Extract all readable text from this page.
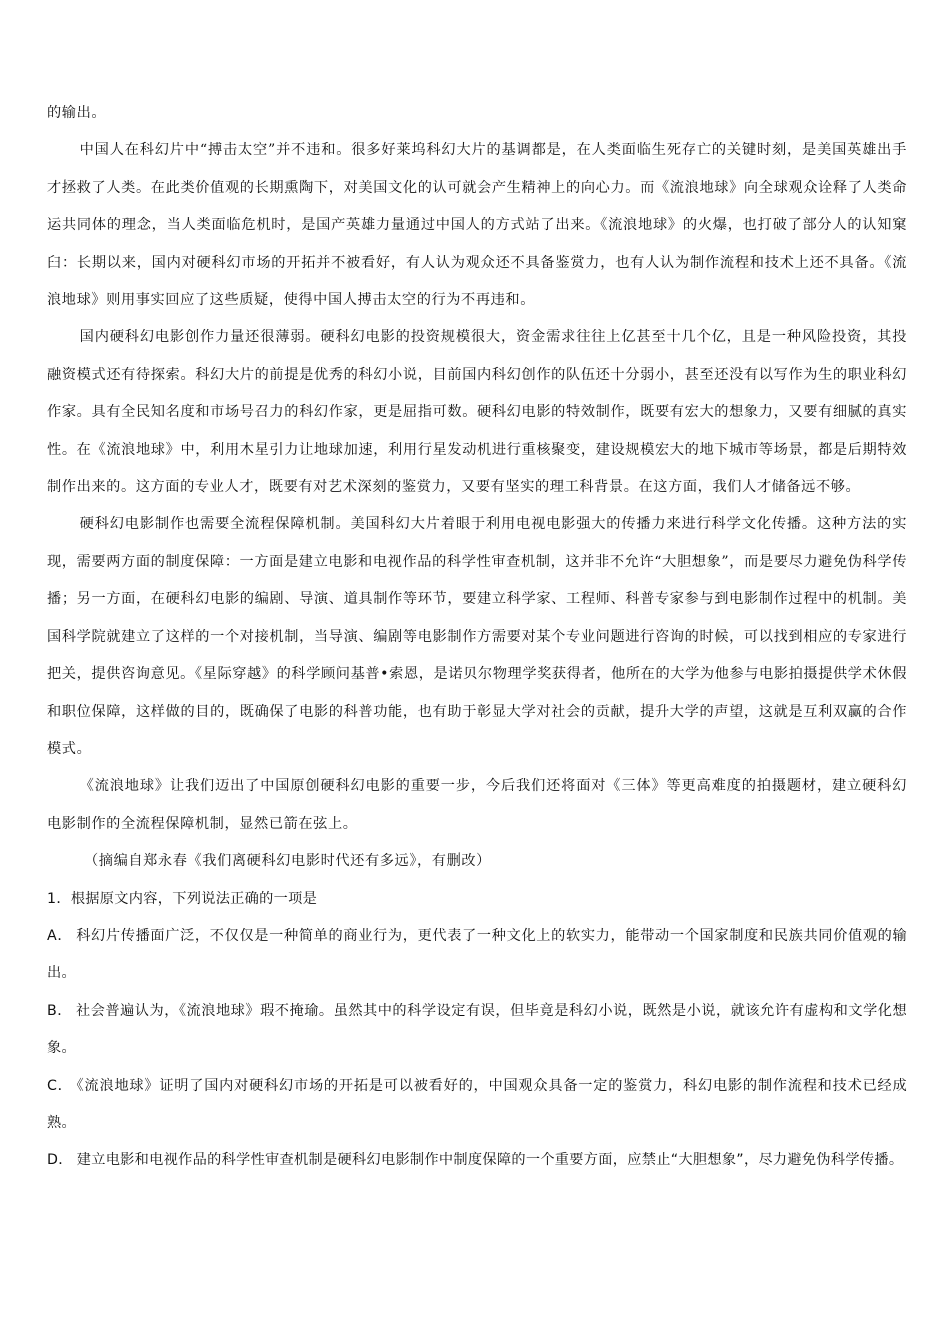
的输出。

中国人在科幻片中“搏击太空”并不违和。很多好莱坞科幻大片的基调都是，在人类面临生死存亡的关键时刻，是美国英雄出手才拯救了人类。在此类价值观的长期熏陶下，对美国文化的认可就会产生精神上的向心力。而《流浪地球》向全球观众诠释了人类命运共同体的理念，当人类面临危机时，是国产英雄力量通过中国人的方式站了出来。《流浪地球》的火爆，也打破了部分人的认知窠臼：长期以来，国内对硬科幻市场的开拓并不被看好，有人认为观众还不具备鉴赏力，也有人认为制作流程和技术上还不具备。《流浪地球》则用事实回应了这些质疑，使得中国人搏击太空的行为不再违和。

国内硬科幻电影创作力量还很薄弱。硬科幻电影的投资规模很大，资金需求往往上亿甚至十几个亿，且是一种风险投资，其投融资模式还有待探索。科幻大片的前提是优秀的科幻小说，目前国内科幻创作的队伍还十分弱小，甚至还没有以写作为生的职业科幻作家。具有全民知名度和市场号召力的科幻作家，更是屈指可数。硬科幻电影的特效制作，既要有宏大的想象力，又要有细腻的真实性。在《流浪地球》中，利用木星引力让地球加速，利用行星发动机进行重核聚变，建设规模宏大的地下城市等场景，都是后期特效制作出来的。这方面的专业人才，既要有对艺术深刻的鉴赏力，又要有坚实的理工科背景。在这方面，我们人才储备远不够。

硬科幻电影制作也需要全流程保障机制。美国科幻大片着眼于利用电视电影强大的传播力来进行科学文化传播。这种方法的实现，需要两方面的制度保障：一方面是建立电影和电视作品的科学性审查机制，这并非不允许“大胆想象”，而是要尽力避免伪科学传播；另一方面，在硬科幻电影的编剧、导演、道具制作等环节，要建立科学家、工程师、科普专家参与到电影制作过程中的机制。美国科学院就建立了这样的一个对接机制，当导演、编剧等电影制作方需要对某个专业问题进行咨询的时候，可以找到相应的专家进行把关，提供咨询意见。《星际穿越》的科学顾问基普•索恩，是诺贝尔物理学奖获得者，他所在的大学为他参与电影拍摄提供学术休假和职位保障，这样做的目的，既确保了电影的科普功能，也有助于彰显大学对社会的贡献，提升大学的声望，这就是互利双赢的合作模式。

《流浪地球》让我们迈出了中国原创硬科幻电影的重要一步，今后我们还将面对《三体》等更高难度的拍摄题材，建立硬科幻电影制作的全流程保障机制，显然已箭在弦上。

（摘编自郑永春《我们离硬科幻电影时代还有多远》，有删改）

1．根据原文内容，下列说法正确的一项是

A． 科幻片传播面广泛，不仅仅是一种简单的商业行为，更代表了一种文化上的软实力，能带动一个国家制度和民族共同价值观的输出。

B． 社会普遍认为，《流浪地球》瑕不掩瑜。虽然其中的科学设定有误，但毕竟是科幻小说，既然是小说，就该允许有虚构和文学化想象。

C． 《流浪地球》证明了国内对硬科幻市场的开拓是可以被看好的，中国观众具备一定的鉴赏力，科幻电影的制作流程和技术已经成熟。

D． 建立电影和电视作品的科学性审查机制是硬科幻电影制作中制度保障的一个重要方面，应禁止“大胆想象”，尽力避免伪科学传播。
